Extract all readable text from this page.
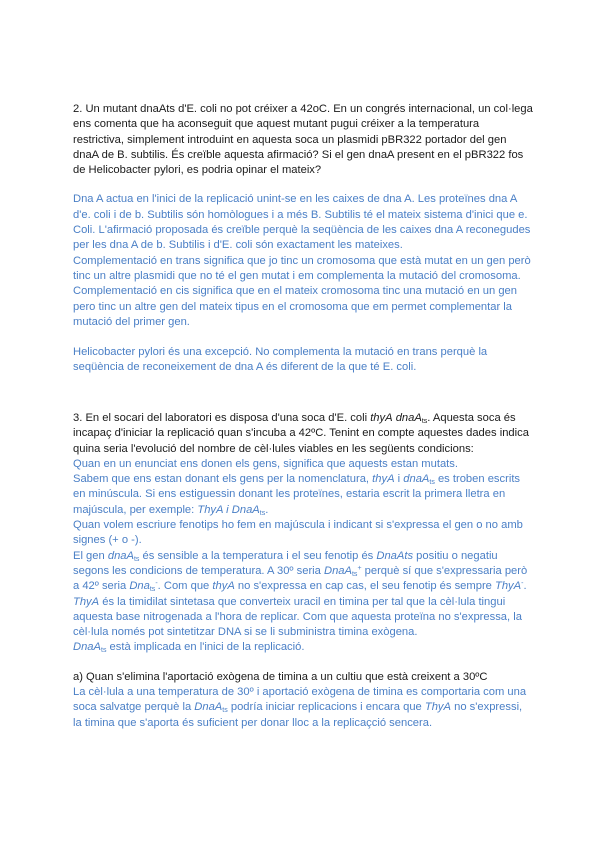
2. Un mutant dnaAts d'E. coli no pot créixer a 42oC. En un congrés internacional, un col·lega ens comenta que ha aconseguit que aquest mutant pugui créixer a la temperatura restrictiva, simplement introduint en aquesta soca un plasmidi pBR322 portador del gen dnaA de B. subtilis. És creïble aquesta afirmació? Si el gen dnaA present en el pBR322 fos de Helicobacter pylori, es podria opinar el mateix?

Dna A actua en l'inici de la replicació unint-se en les caixes de dna A. Les proteïnes dna A d'e. coli i de b. Subtilis són homòlogues i a més B. Subtilis té el mateix sistema d'inici que e. Coli. L'afirmació proposada és creïble perquè la seqüència de les caixes dna A reconegudes per les dna A de b. Subtilis i d'E. coli són exactament les mateixes.

Complementació en trans significa que jo tinc un cromosoma que està mutat en un gen però tinc un altre plasmidi que no té el gen mutat i em complementa la mutació del cromosoma.

Complementació en cis significa que en el mateix cromosoma tinc una mutació en un gen pero tinc un altre gen del mateix tipus en el cromosoma que em permet complementar la mutació del primer gen.

Helicobacter pylori és una excepció. No complementa la mutació en trans perquè la seqüència de reconeixement de dna A és diferent de la que té E. coli.

3. En el socari del laboratori es disposa d'una soca d'E. coli thyA dnaA$_{ts}$. Aquesta soca és incapaç d'iniciar la replicació quan s'incuba a 42ºC. Tenint en compte aquestes dades indica quina seria l'evolució del nombre de cèl·lules viables en les següents condicions:

Quan en un enunciat ens donen els gens, significa que aquests estan mutats.

Sabem que ens estan donant els gens per la nomenclatura, thyA i dnaA$_{ts}$ es troben escrits en minúscula. Si ens estiguessin donant les proteïnes, estaria escrit la primera lletra en majúscula, per exemple: ThyA i DnaA$_{ts}$.

Quan volem escriure fenotips ho fem en majúscula i indicant si s'expressa el gen o no amb signes (+ o -).

El gen dnaA$_{ts}$ és sensible a la temperatura i el seu fenotip és DnaAts positiu o negatiu segons les condicions de temperatura. A 30º seria DnaA$_{ts}$+ perquè sí que s'expressaria però a 42º seria Dna$_{ts}$-. Com que thyA no s'expressa en cap cas, el seu fenotip és sempre ThyA-.

ThyA és la timidilat sintetasa que converteix uracil en timina per tal que la cèl·lula tingui aquesta base nitrogenada a l'hora de replicar. Com que aquesta proteïna no s'expressa, la cèl·lula només pot sintetitzar DNA si se li subministra timina exògena.

DnaA$_{ts}$ està implicada en l'inici de la replicació.

a) Quan s'elimina l'aportació exògena de timina a un cultiu que està creixent a 30ºC

La cèl·lula a una temperatura de 30º i aportació exògena de timina es comportaria com una soca salvatge perquè la DnaA$_{ts}$ podría iniciar replicacions i encara que ThyA no s'expressi, la timina que s'aporta és suficient per donar lloc a la replicaçció sencera.
